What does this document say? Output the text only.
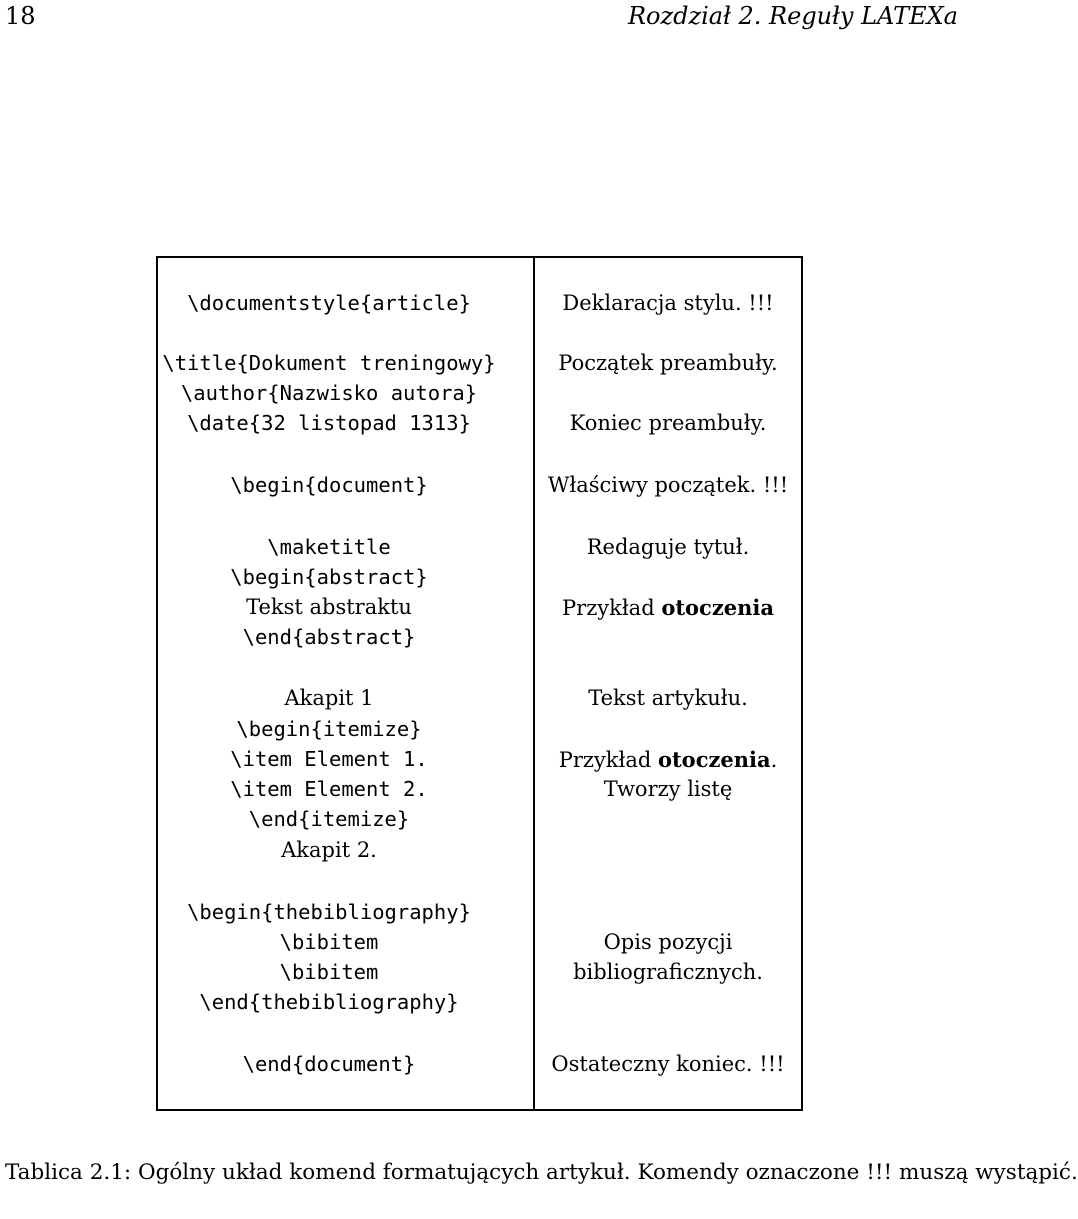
18	Rozdział 2. Reguły LATEXa
\documentstyle{article}
\title{Dokument treningowy}
\author{Nazwisko autora}
\date{32 listopad 1313}
\begin{document}
\maketitle
\begin{abstract}
Tekst abstraktu
\end{abstract}
Akapit 1
\begin{itemize}
\item Element 1.
\item Element 2.
\end{itemize}
Akapit 2.
\begin{thebibliography}
\bibitem
\bibitem
\end{thebibliography}
\end{document}
Deklaracja stylu. !!!
Początek preambuły.
Koniec preambuły.
Właściwy początek. !!!
Redaguje tytuł.
Przykład otoczenia
Tekst artykułu.
Przykład otoczenia.
Tworzy listę
Opis pozycji
bibliograficznych.
Ostateczny koniec. !!!
Tablica 2.1: Ogólny układ komend formatujących artykuł. Komendy oznaczone !!! muszą wystąpić.
